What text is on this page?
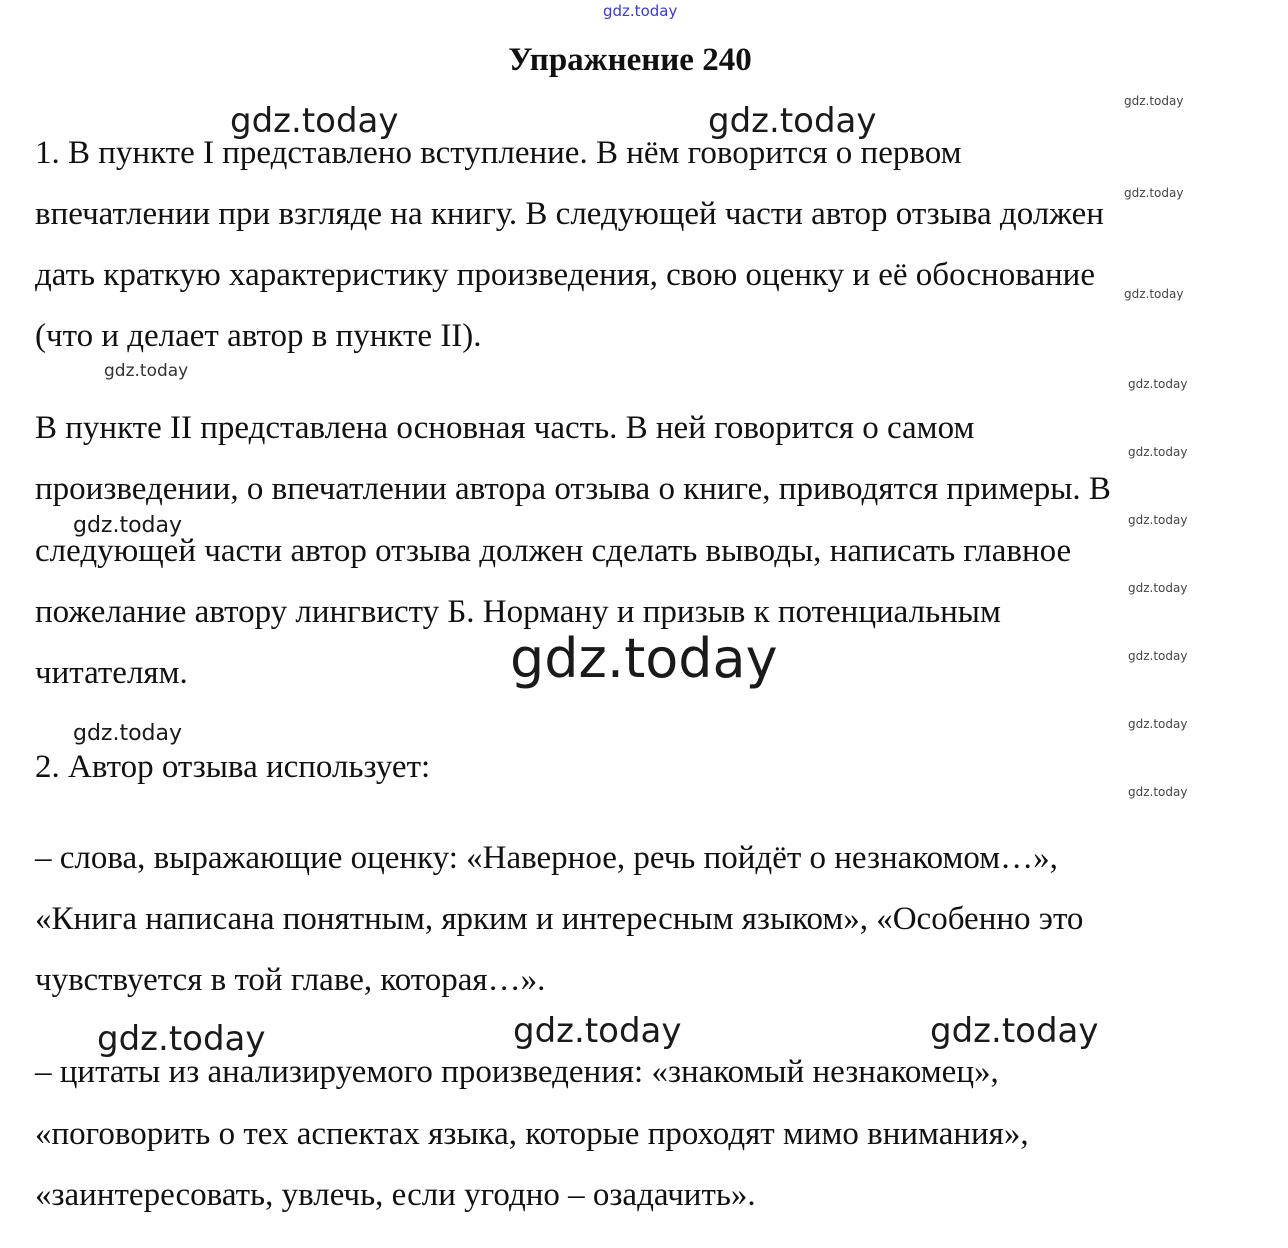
gdz.today
Упражнение 240

1. В пункте I представлено вступление. В нём говорится о первом

впечатлении при взгляде на книгу. В следующей части автор отзыва должен

дать краткую характеристику произведения, свою оценку и её обоснование

(что и делает автор в пункте II).

В пункте II представлена основная часть. В ней говорится о самом

произведении, о впечатлении автора отзыва о книге, приводятся примеры. В

следующей части автор отзыва должен сделать выводы, написать главное

пожелание автору лингвисту Б. Норману и призыв к потенциальным

читателям.

2. Автор отзыва использует:

– слова, выражающие оценку: «Наверное, речь пойдёт о незнакомом…»,

«Книга написана понятным, ярким и интересным языком», «Особенно это

чувствуется в той главе, которая…».

– цитаты из анализируемого произведения: «знакомый незнакомец»,

«поговорить о тех аспектах языка, которые проходят мимо внимания»,

«заинтересовать, увлечь, если угодно – озадачить».

gdz.today	gdz.today	gdz.today
gdz.today
gdz.today
gdz.today
gdz.today
gdz.today
gdz.today
gdz.today
gdz.today
gdz.today	gdz.today
gdz.today
gdz.today
gdz.today
gdz.today	gdz.today	gdz.today
